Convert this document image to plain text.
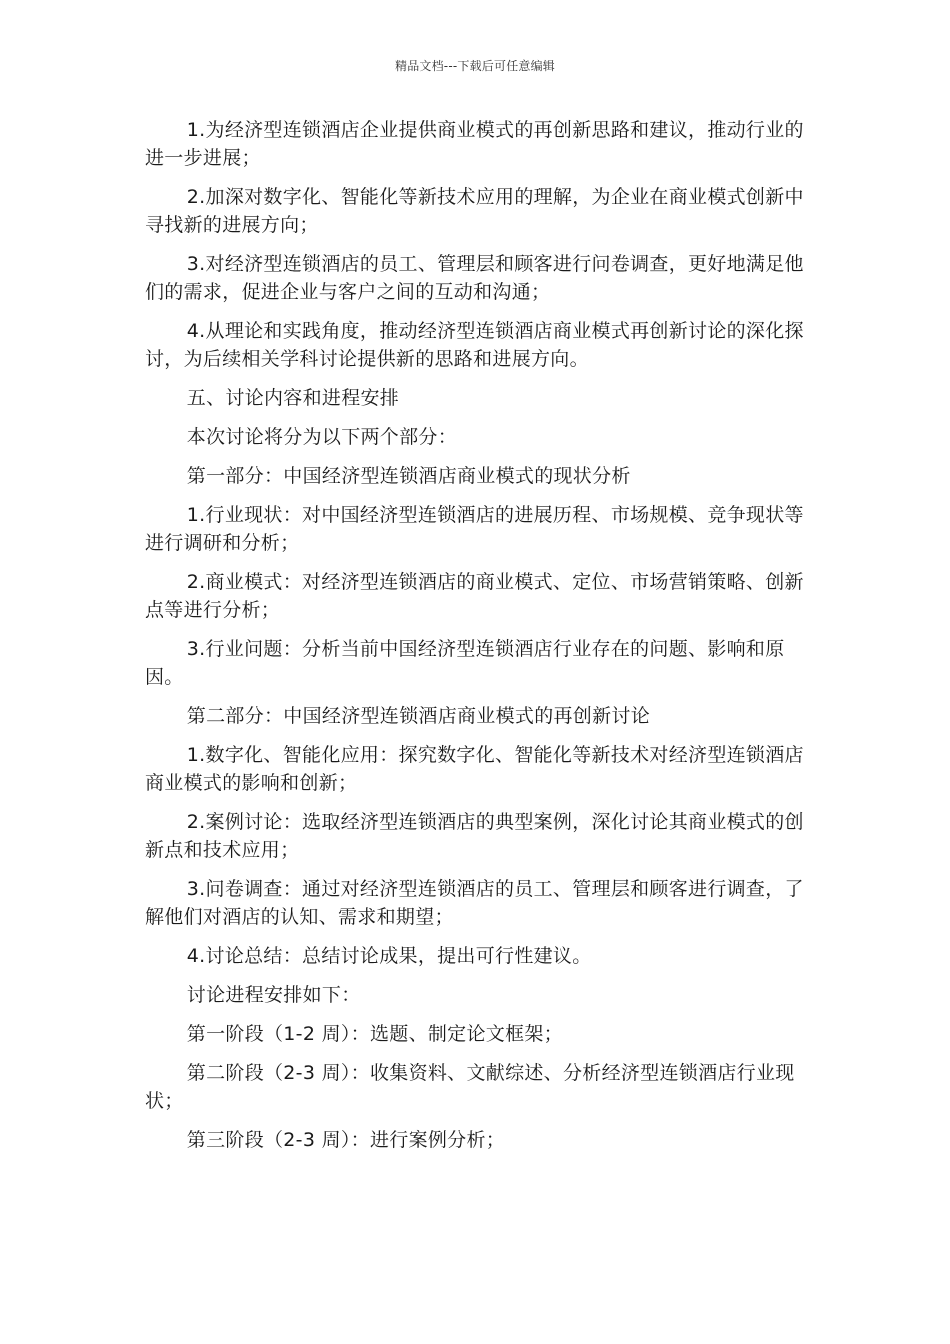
精品文档---下载后可任意编辑

1.为经济型连锁酒店企业提供商业模式的再创新思路和建议，推动行业的进一步进展；

2.加深对数字化、智能化等新技术应用的理解，为企业在商业模式创新中寻找新的进展方向；

3.对经济型连锁酒店的员工、管理层和顾客进行问卷调查，更好地满足他们的需求，促进企业与客户之间的互动和沟通；

4.从理论和实践角度，推动经济型连锁酒店商业模式再创新讨论的深化探讨，为后续相关学科讨论提供新的思路和进展方向。

五、讨论内容和进程安排

本次讨论将分为以下两个部分：

第一部分：中国经济型连锁酒店商业模式的现状分析

1.行业现状：对中国经济型连锁酒店的进展历程、市场规模、竞争现状等进行调研和分析；

2.商业模式：对经济型连锁酒店的商业模式、定位、市场营销策略、创新点等进行分析；

3.行业问题：分析当前中国经济型连锁酒店行业存在的问题、影响和原因。

第二部分：中国经济型连锁酒店商业模式的再创新讨论

1.数字化、智能化应用：探究数字化、智能化等新技术对经济型连锁酒店商业模式的影响和创新；

2.案例讨论：选取经济型连锁酒店的典型案例，深化讨论其商业模式的创新点和技术应用；

3.问卷调查：通过对经济型连锁酒店的员工、管理层和顾客进行调查，了解他们对酒店的认知、需求和期望；

4.讨论总结：总结讨论成果，提出可行性建议。

讨论进程安排如下：

第一阶段（1-2 周）：选题、制定论文框架；

第二阶段（2-3 周）：收集资料、文献综述、分析经济型连锁酒店行业现状；

第三阶段（2-3 周）：进行案例分析；
